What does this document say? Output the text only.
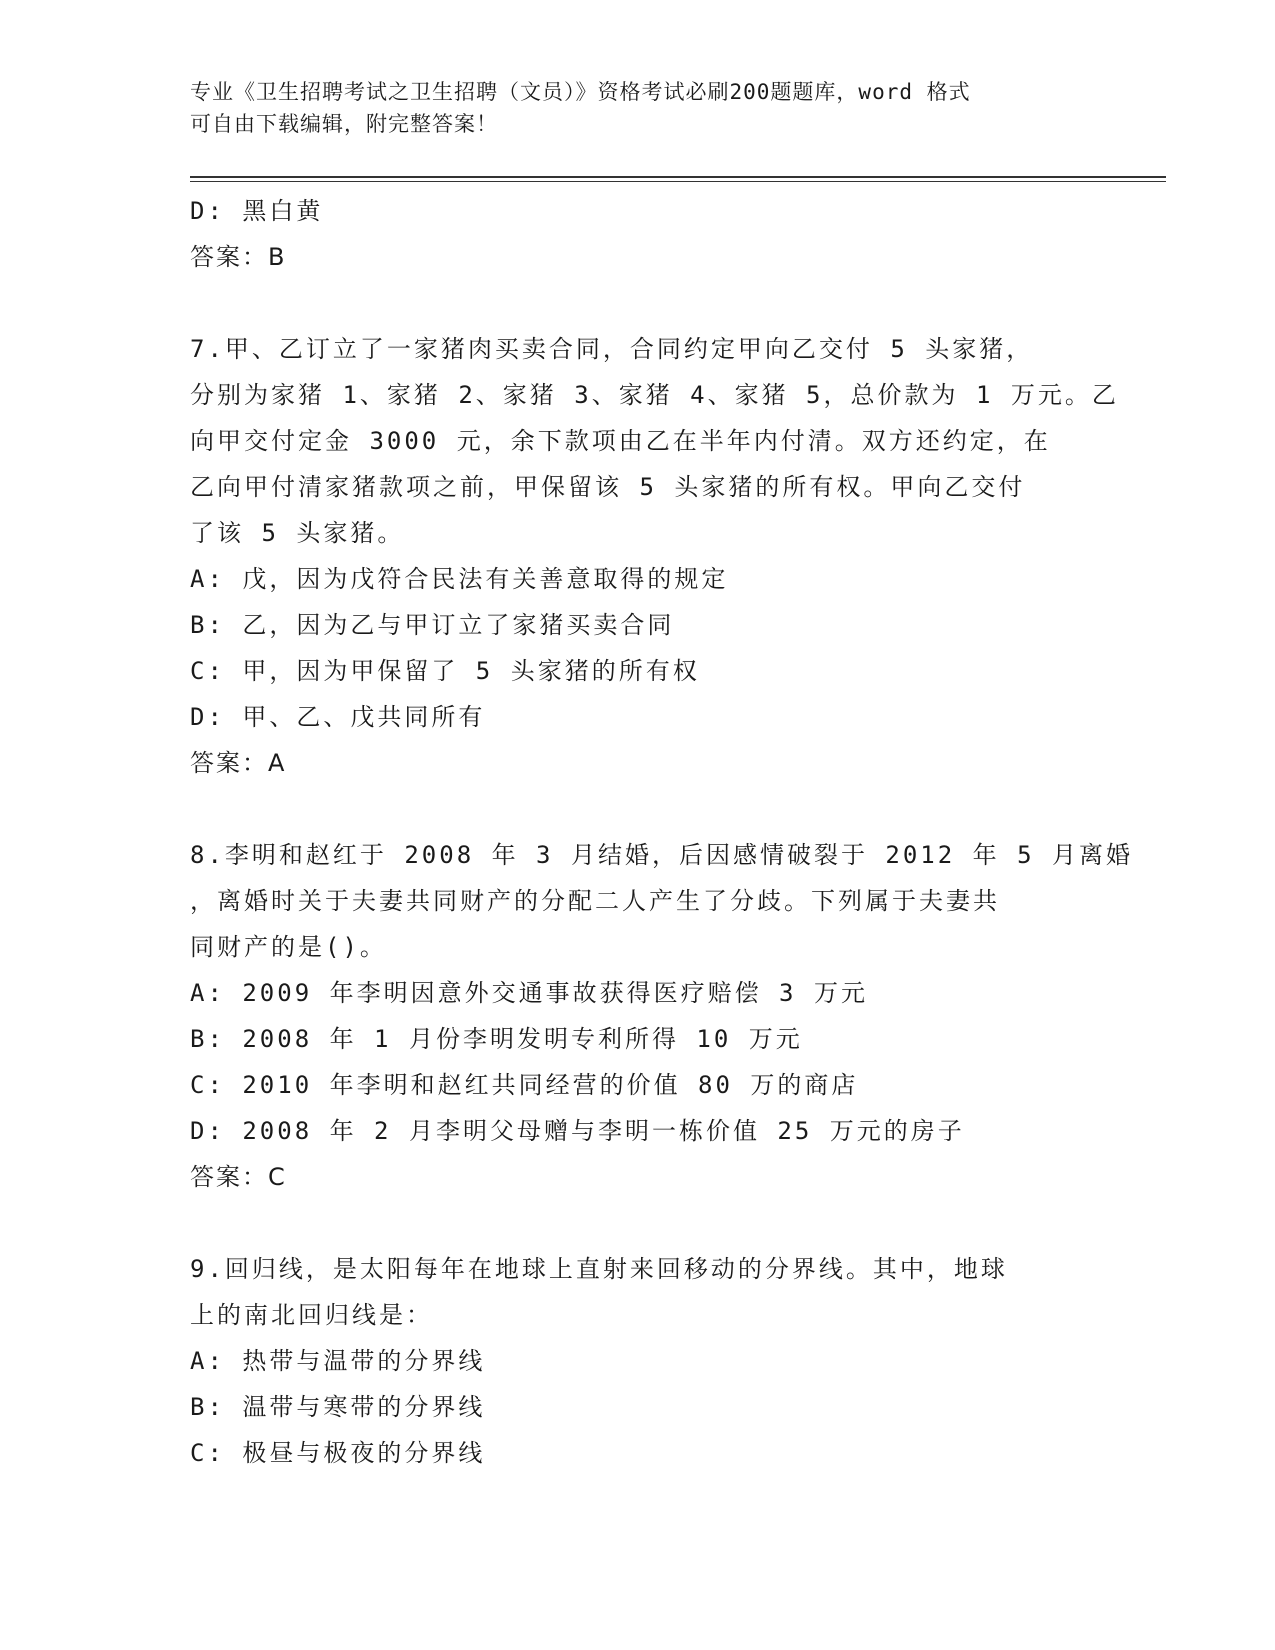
专业《卫生招聘考试之卫生招聘（文员）》资格考试必刷200题题库，word 格式
可自由下载编辑，附完整答案！
D: 黑白黄
答案：B
7.甲、乙订立了一家猪肉买卖合同，合同约定甲向乙交付 5 头家猪，
分别为家猪 1、家猪 2、家猪 3、家猪 4、家猪 5，总价款为 1 万元。乙
向甲交付定金 3000 元，余下款项由乙在半年内付清。双方还约定，在
乙向甲付清家猪款项之前，甲保留该 5 头家猪的所有权。甲向乙交付
了该 5 头家猪。
A: 戊，因为戊符合民法有关善意取得的规定
B: 乙，因为乙与甲订立了家猪买卖合同
C: 甲，因为甲保留了 5 头家猪的所有权
D: 甲、乙、戊共同所有
答案：A
8.李明和赵红于 2008 年 3 月结婚，后因感情破裂于 2012 年 5 月离婚
，离婚时关于夫妻共同财产的分配二人产生了分歧。下列属于夫妻共
同财产的是()。
A: 2009 年李明因意外交通事故获得医疗赔偿 3 万元
B: 2008 年 1 月份李明发明专利所得 10 万元
C: 2010 年李明和赵红共同经营的价值 80 万的商店
D: 2008 年 2 月李明父母赠与李明一栋价值 25 万元的房子
答案：C
9.回归线，是太阳每年在地球上直射来回移动的分界线。其中，地球
上的南北回归线是：
A: 热带与温带的分界线
B: 温带与寒带的分界线
C: 极昼与极夜的分界线
